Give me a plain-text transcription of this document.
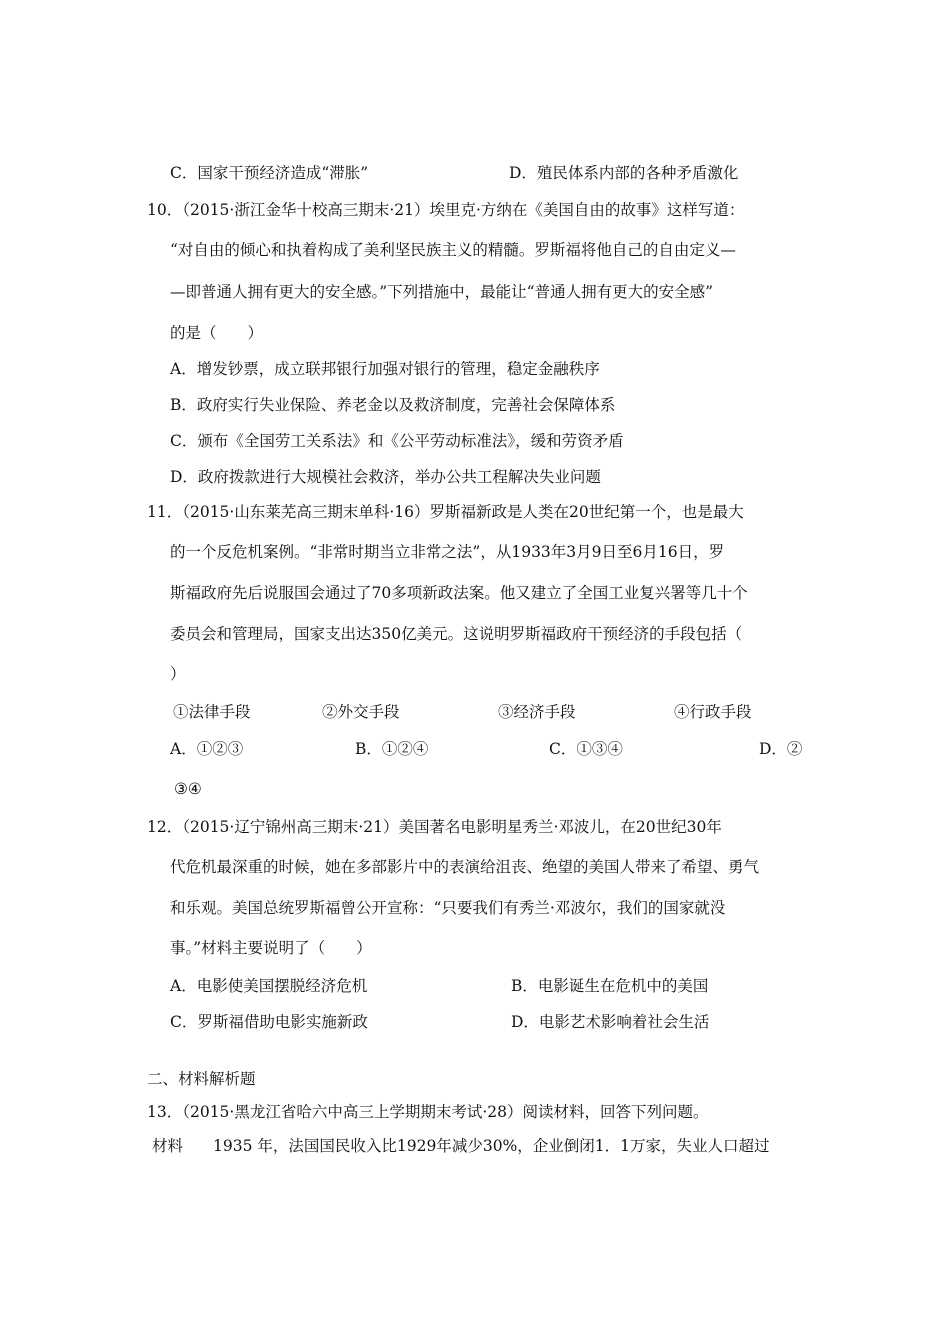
C．国家干预经济造成“滞胀”	D．殖民体系内部的各种矛盾激化
10．（2015·浙江金华十校高三期末·21）埃里克·方纳在《美国自由的故事》这样写道：
“对自由的倾心和执着构成了美利坚民族主义的精髓。罗斯福将他自己的自由定义—
—即普通人拥有更大的安全感。”下列措施中，最能让“普通人拥有更大的安全感”
的是（　　）
A．增发钞票，成立联邦银行加强对银行的管理，稳定金融秩序
B．政府实行失业保险、养老金以及救济制度，完善社会保障体系
C．颁布《全国劳工关系法》和《公平劳动标准法》，缓和劳资矛盾
D．政府拨款进行大规模社会救济，举办公共工程解决失业问题
11．（2015·山东莱芜高三期末单科·16）罗斯福新政是人类在20世纪第一个，也是最大
的一个反危机案例。“非常时期当立非常之法”，从1933年3月9日至6月16日，罗
斯福政府先后说服国会通过了70多项新政法案。他又建立了全国工业复兴署等几十个
委员会和管理局，国家支出达350亿美元。这说明罗斯福政府干预经济的手段包括（
）
①法律手段	②外交手段	③经济手段	④行政手段
A．①②③	B．①②④	C．①③④	D．②
③④
12．（2015·辽宁锦州高三期末·21）美国著名电影明星秀兰·邓波儿，在20世纪30年
代危机最深重的时候，她在多部影片中的表演给沮丧、绝望的美国人带来了希望、勇气
和乐观。美国总统罗斯福曾公开宣称：“只要我们有秀兰·邓波尔，我们的国家就没
事。”材料主要说明了（　　）
A．电影使美国摆脱经济危机	B．电影诞生在危机中的美国
C．罗斯福借助电影实施新政	D．电影艺术影响着社会生活
二、材料解析题
13．（2015·黑龙江省哈六中高三上学期期末考试·28）阅读材料，回答下列问题。
材料 1935 年，法国国民收入比1929年减少30%，企业倒闭1．1万家，失业人口超过
